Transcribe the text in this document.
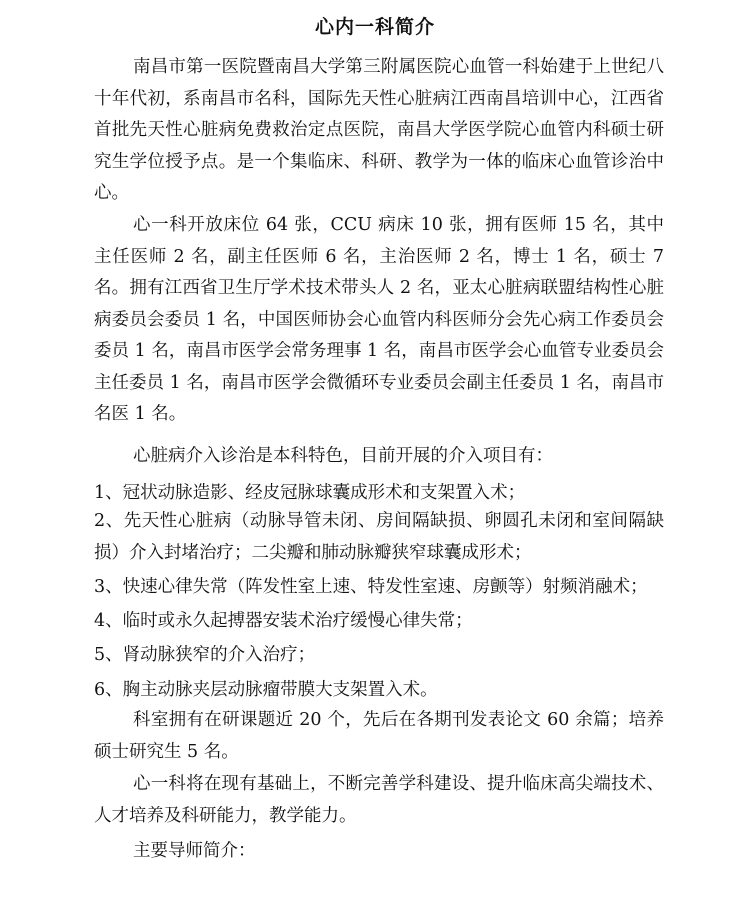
心内一科简介

南昌市第一医院暨南昌大学第三附属医院心血管一科始建于上世纪八十年代初，系南昌市名科，国际先天性心脏病江西南昌培训中心，江西省首批先天性心脏病免费救治定点医院，南昌大学医学院心血管内科硕士研究生学位授予点。是一个集临床、科研、教学为一体的临床心血管诊治中心。

心一科开放床位 64 张，CCU 病床 10 张，拥有医师 15 名，其中主任医师 2 名，副主任医师 6 名，主治医师 2 名，博士 1 名，硕士 7 名。拥有江西省卫生厅学术技术带头人 2 名，亚太心脏病联盟结构性心脏病委员会委员 1 名，中国医师协会心血管内科医师分会先心病工作委员会委员 1 名，南昌市医学会常务理事 1 名，南昌市医学会心血管专业委员会主任委员 1 名，南昌市医学会微循环专业委员会副主任委员 1 名，南昌市名医 1 名。

心脏病介入诊治是本科特色，目前开展的介入项目有：

1、冠状动脉造影、经皮冠脉球囊成形术和支架置入术；

2、先天性心脏病（动脉导管未闭、房间隔缺损、卵圆孔未闭和室间隔缺损）介入封堵治疗；二尖瓣和肺动脉瓣狭窄球囊成形术；

3、快速心律失常（阵发性室上速、特发性室速、房颤等）射频消融术；

4、临时或永久起搏器安装术治疗缓慢心律失常；

5、肾动脉狭窄的介入治疗；

6、胸主动脉夹层动脉瘤带膜大支架置入术。

科室拥有在研课题近 20 个，先后在各期刊发表论文 60 余篇；培养硕士研究生 5 名。

心一科将在现有基础上，不断完善学科建设、提升临床高尖端技术、人才培养及科研能力，教学能力。

主要导师简介：
